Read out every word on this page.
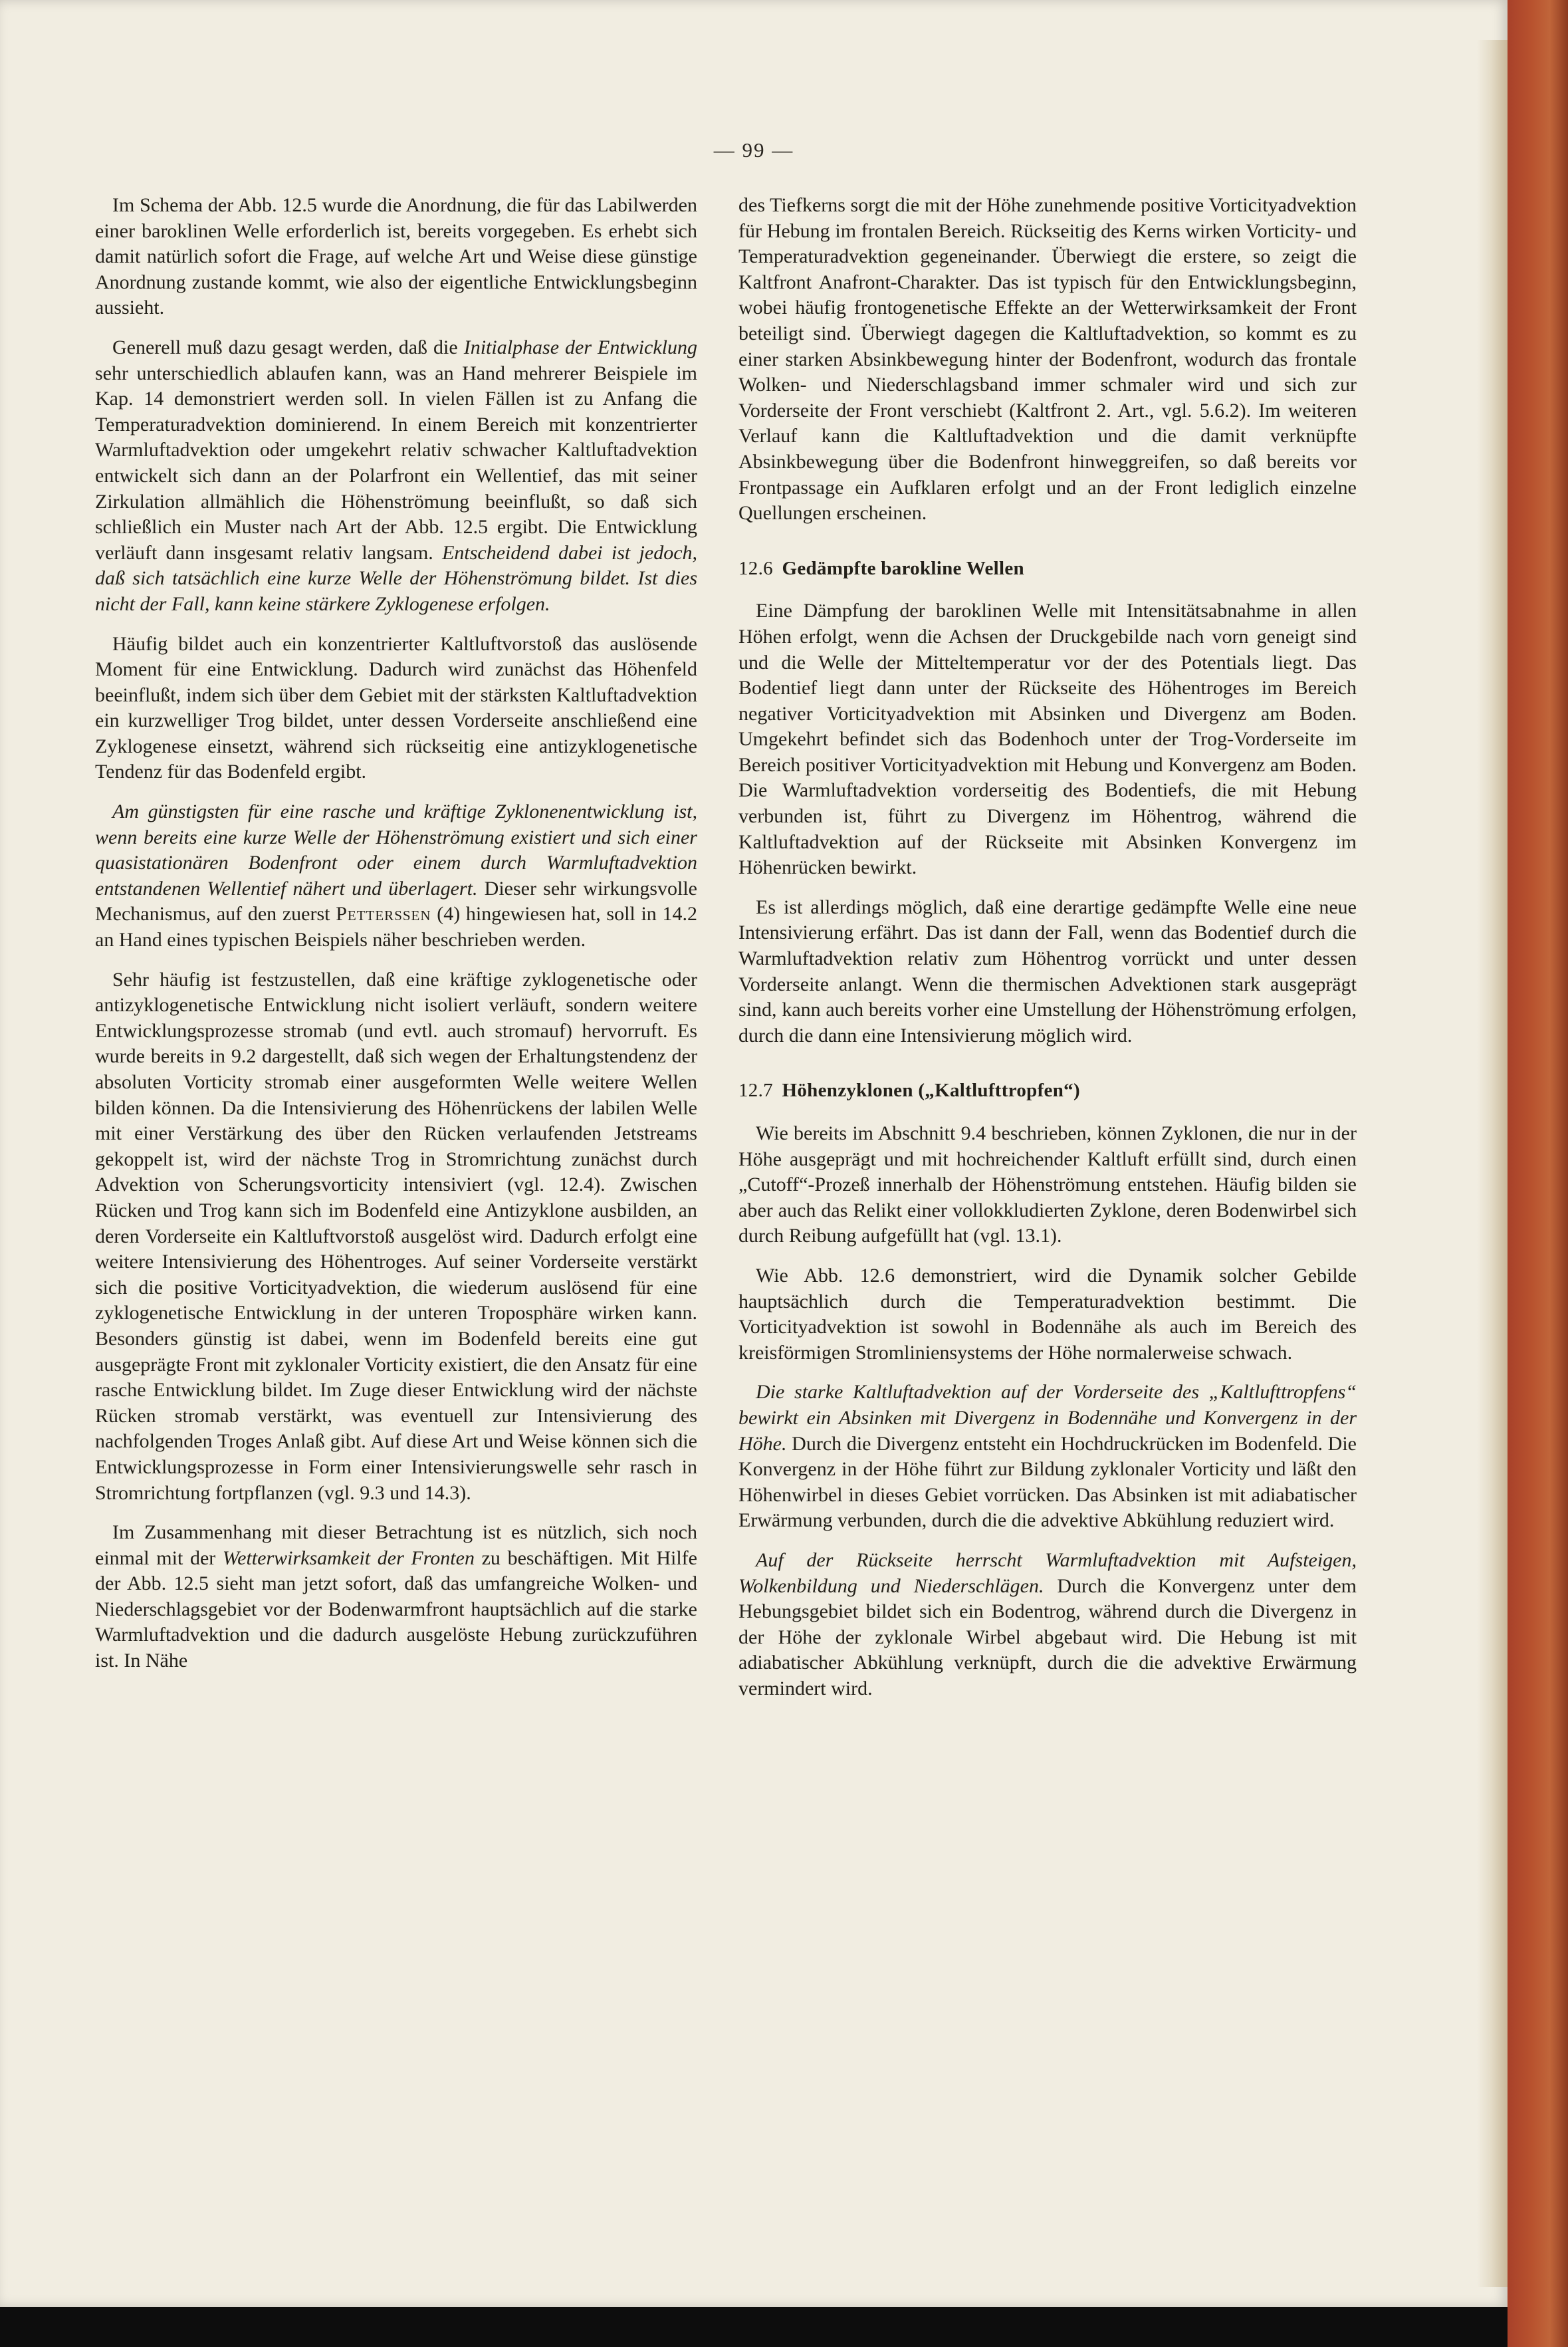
— 99 —

Im Schema der Abb. 12.5 wurde die Anordnung, die für das Labilwerden einer baroklinen Welle erforderlich ist, bereits vorgegeben. Es erhebt sich damit natürlich sofort die Frage, auf welche Art und Weise diese günstige Anordnung zustande kommt, wie also der eigentliche Entwicklungsbeginn aussieht.

Generell muß dazu gesagt werden, daß die Initialphase der Entwicklung sehr unterschiedlich ablaufen kann, was an Hand mehrerer Beispiele im Kap. 14 demonstriert werden soll. In vielen Fällen ist zu Anfang die Temperaturadvektion dominierend. In einem Bereich mit konzentrierter Warmluftadvektion oder umgekehrt relativ schwacher Kaltluftadvektion entwickelt sich dann an der Polarfront ein Wellentief, das mit seiner Zirkulation allmählich die Höhenströmung beeinflußt, so daß sich schließlich ein Muster nach Art der Abb. 12.5 ergibt. Die Entwicklung verläuft dann insgesamt relativ langsam. Entscheidend dabei ist jedoch, daß sich tatsächlich eine kurze Welle der Höhenströmung bildet. Ist dies nicht der Fall, kann keine stärkere Zyklogenese erfolgen.

Häufig bildet auch ein konzentrierter Kaltluftvorstoß das auslösende Moment für eine Entwicklung. Dadurch wird zunächst das Höhenfeld beeinflußt, indem sich über dem Gebiet mit der stärksten Kaltluftadvektion ein kurzwelliger Trog bildet, unter dessen Vorderseite anschließend eine Zyklogenese einsetzt, während sich rückseitig eine antizyklogenetische Tendenz für das Bodenfeld ergibt.

Am günstigsten für eine rasche und kräftige Zyklonenentwicklung ist, wenn bereits eine kurze Welle der Höhenströmung existiert und sich einer quasistationären Bodenfront oder einem durch Warmluftadvektion entstandenen Wellentief nähert und überlagert. Dieser sehr wirkungsvolle Mechanismus, auf den zuerst Petterssen (4) hingewiesen hat, soll in 14.2 an Hand eines typischen Beispiels näher beschrieben werden.

Sehr häufig ist festzustellen, daß eine kräftige zyklogenetische oder antizyklogenetische Entwicklung nicht isoliert verläuft, sondern weitere Entwicklungsprozesse stromab (und evtl. auch stromauf) hervorruft. Es wurde bereits in 9.2 dargestellt, daß sich wegen der Erhaltungstendenz der absoluten Vorticity stromab einer ausgeformten Welle weitere Wellen bilden können. Da die Intensivierung des Höhenrückens der labilen Welle mit einer Verstärkung des über den Rücken verlaufenden Jetstreams gekoppelt ist, wird der nächste Trog in Stromrichtung zunächst durch Advektion von Scherungsvorticity intensiviert (vgl. 12.4). Zwischen Rücken und Trog kann sich im Bodenfeld eine Antizyklone ausbilden, an deren Vorderseite ein Kaltluftvorstoß ausgelöst wird. Dadurch erfolgt eine weitere Intensivierung des Höhentroges. Auf seiner Vorderseite verstärkt sich die positive Vorticityadvektion, die wiederum auslösend für eine zyklogenetische Entwicklung in der unteren Troposphäre wirken kann. Besonders günstig ist dabei, wenn im Bodenfeld bereits eine gut ausgeprägte Front mit zyklonaler Vorticity existiert, die den Ansatz für eine rasche Entwicklung bildet. Im Zuge dieser Entwicklung wird der nächste Rücken stromab verstärkt, was eventuell zur Intensivierung des nachfolgenden Troges Anlaß gibt. Auf diese Art und Weise können sich die Entwicklungsprozesse in Form einer Intensivierungswelle sehr rasch in Stromrichtung fortpflanzen (vgl. 9.3 und 14.3).

Im Zusammenhang mit dieser Betrachtung ist es nützlich, sich noch einmal mit der Wetterwirksamkeit der Fronten zu beschäftigen. Mit Hilfe der Abb. 12.5 sieht man jetzt sofort, daß das umfangreiche Wolken- und Niederschlagsgebiet vor der Bodenwarmfront hauptsächlich auf die starke Warmluftadvektion und die dadurch ausgelöste Hebung zurückzuführen ist. In Nähe

des Tiefkerns sorgt die mit der Höhe zunehmende positive Vorticityadvektion für Hebung im frontalen Bereich. Rückseitig des Kerns wirken Vorticity- und Temperaturadvektion gegeneinander. Überwiegt die erstere, so zeigt die Kaltfront Anafront-Charakter. Das ist typisch für den Entwicklungsbeginn, wobei häufig frontogenetische Effekte an der Wetterwirksamkeit der Front beteiligt sind. Überwiegt dagegen die Kaltluftadvektion, so kommt es zu einer starken Absinkbewegung hinter der Bodenfront, wodurch das frontale Wolken- und Niederschlagsband immer schmaler wird und sich zur Vorderseite der Front verschiebt (Kaltfront 2. Art., vgl. 5.6.2). Im weiteren Verlauf kann die Kaltluftadvektion und die damit verknüpfte Absinkbewegung über die Bodenfront hinweggreifen, so daß bereits vor Frontpassage ein Aufklaren erfolgt und an der Front lediglich einzelne Quellungen erscheinen.

12.6 Gedämpfte barokline Wellen

Eine Dämpfung der baroklinen Welle mit Intensitätsabnahme in allen Höhen erfolgt, wenn die Achsen der Druckgebilde nach vorn geneigt sind und die Welle der Mitteltemperatur vor der des Potentials liegt. Das Bodentief liegt dann unter der Rückseite des Höhentroges im Bereich negativer Vorticityadvektion mit Absinken und Divergenz am Boden. Umgekehrt befindet sich das Bodenhoch unter der Trog-Vorderseite im Bereich positiver Vorticityadvektion mit Hebung und Konvergenz am Boden. Die Warmluftadvektion vorderseitig des Bodentiefs, die mit Hebung verbunden ist, führt zu Divergenz im Höhentrog, während die Kaltluftadvektion auf der Rückseite mit Absinken Konvergenz im Höhenrücken bewirkt.

Es ist allerdings möglich, daß eine derartige gedämpfte Welle eine neue Intensivierung erfährt. Das ist dann der Fall, wenn das Bodentief durch die Warmluftadvektion relativ zum Höhentrog vorrückt und unter dessen Vorderseite anlangt. Wenn die thermischen Advektionen stark ausgeprägt sind, kann auch bereits vorher eine Umstellung der Höhenströmung erfolgen, durch die dann eine Intensivierung möglich wird.

12.7 Höhenzyklonen („Kaltlufttropfen“)

Wie bereits im Abschnitt 9.4 beschrieben, können Zyklonen, die nur in der Höhe ausgeprägt und mit hochreichender Kaltluft erfüllt sind, durch einen „Cutoff“-Prozeß innerhalb der Höhenströmung entstehen. Häufig bilden sie aber auch das Relikt einer vollokkludierten Zyklone, deren Bodenwirbel sich durch Reibung aufgefüllt hat (vgl. 13.1).

Wie Abb. 12.6 demonstriert, wird die Dynamik solcher Gebilde hauptsächlich durch die Temperaturadvektion bestimmt. Die Vorticityadvektion ist sowohl in Bodennähe als auch im Bereich des kreisförmigen Stromliniensystems der Höhe normalerweise schwach.

Die starke Kaltluftadvektion auf der Vorderseite des „Kaltlufttropfens“ bewirkt ein Absinken mit Divergenz in Bodennähe und Konvergenz in der Höhe. Durch die Divergenz entsteht ein Hochdruckrücken im Bodenfeld. Die Konvergenz in der Höhe führt zur Bildung zyklonaler Vorticity und läßt den Höhenwirbel in dieses Gebiet vorrücken. Das Absinken ist mit adiabatischer Erwärmung verbunden, durch die die advektive Abkühlung reduziert wird.

Auf der Rückseite herrscht Warmluftadvektion mit Aufsteigen, Wolkenbildung und Niederschlägen. Durch die Konvergenz unter dem Hebungsgebiet bildet sich ein Bodentrog, während durch die Divergenz in der Höhe der zyklonale Wirbel abgebaut wird. Die Hebung ist mit adiabatischer Abkühlung verknüpft, durch die die advektive Erwärmung vermindert wird.
